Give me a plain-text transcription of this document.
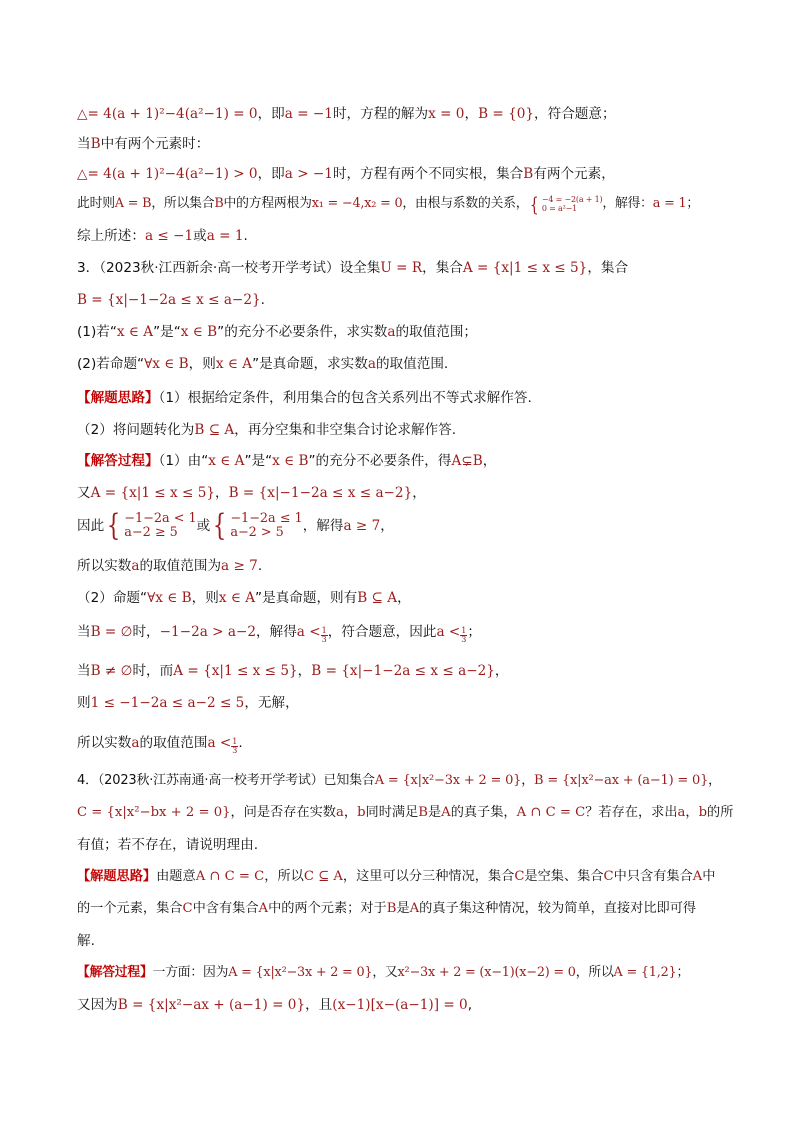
△= 4(a + 1)²−4(a²−1) = 0，即a = −1时，方程的解为x = 0，B = {0}，符合题意；
当B中有两个元素时：
△= 4(a + 1)²−4(a²−1) > 0，即a > −1时，方程有两个不同实根，集合B有两个元素，
此时则A = B，所以集合B中的方程两根为x₁ = −4,x₂ = 0，由根与系数的关系， { −4 = −2(a + 1)
0 = a²−1	，解得：a = 1；
综上所述：a ≤ −1或a = 1.
3．（2023秋·江西新余·高一校考开学考试）设全集U = R，集合A = {x|1 ≤ x ≤ 5}，集合
B = {x|−1−2a ≤ x ≤ a−2}.
(1)若“x ∈ A”是“x ∈ B”的充分不必要条件，求实数a的取值范围；
(2)若命题“∀x ∈ B，则x ∈ A”是真命题，求实数a的取值范围.
【解题思路】（1）根据给定条件，利用集合的包含关系列出不等式求解作答.
（2）将问题转化为B ⊆ A，再分空集和非空集合讨论求解作答.
【解答过程】（1）由“x ∈ A”是“x ∈ B”的充分不必要条件，得A⊊B，
又A = {x|1 ≤ x ≤ 5}，B = {x|−1−2a ≤ x ≤ a−2}，
因此 { −1−2a < 1
a−2 ≥ 5	或 { −1−2a ≤ 1
a−2 > 5	，解得a ≥ 7，
所以实数a的取值范围为a ≥ 7.
（2）命题“∀x ∈ B，则x ∈ A”是真命题，则有B ⊆ A，
当B = ∅时，−1−2a > a−2，解得$a < \frac{1}{3}$ ，符合题意，因此$a < \frac{1}{3}$ ；
当B ≠ ∅时，而A = {x|1 ≤ x ≤ 5}，B = {x|−1−2a ≤ x ≤ a−2}，
则1 ≤ −1−2a ≤ a−2 ≤ 5，无解，
所以实数a的取值范围$a < \frac{1}{3}$ .
4．（2023秋·江苏南通·高一校考开学考试）已知集合A = {x|x²−3x + 2 = 0}，B = {x|x²−ax + (a−1) = 0}，
C = {x|x²−bx + 2 = 0}，问是否存在实数a，b同时满足B是A的真子集，A ∩ C = C？若存在，求出a，b的所
有值；若不存在，请说明理由.
【解题思路】由题意A ∩ C = C，所以C ⊆ A，这里可以分三种情况，集合C是空集、集合C中只含有集合A中
的一个元素，集合C中含有集合A中的两个元素；对于B是A的真子集这种情况，较为简单，直接对比即可得
解.
【解答过程】一方面：因为A = {x|x²−3x + 2 = 0}，又x²−3x + 2 = (x−1)(x−2) = 0，所以A = {1,2}；
又因为B = {x|x²−ax + (a−1) = 0}，且(x−1)[x−(a−1)] = 0,
